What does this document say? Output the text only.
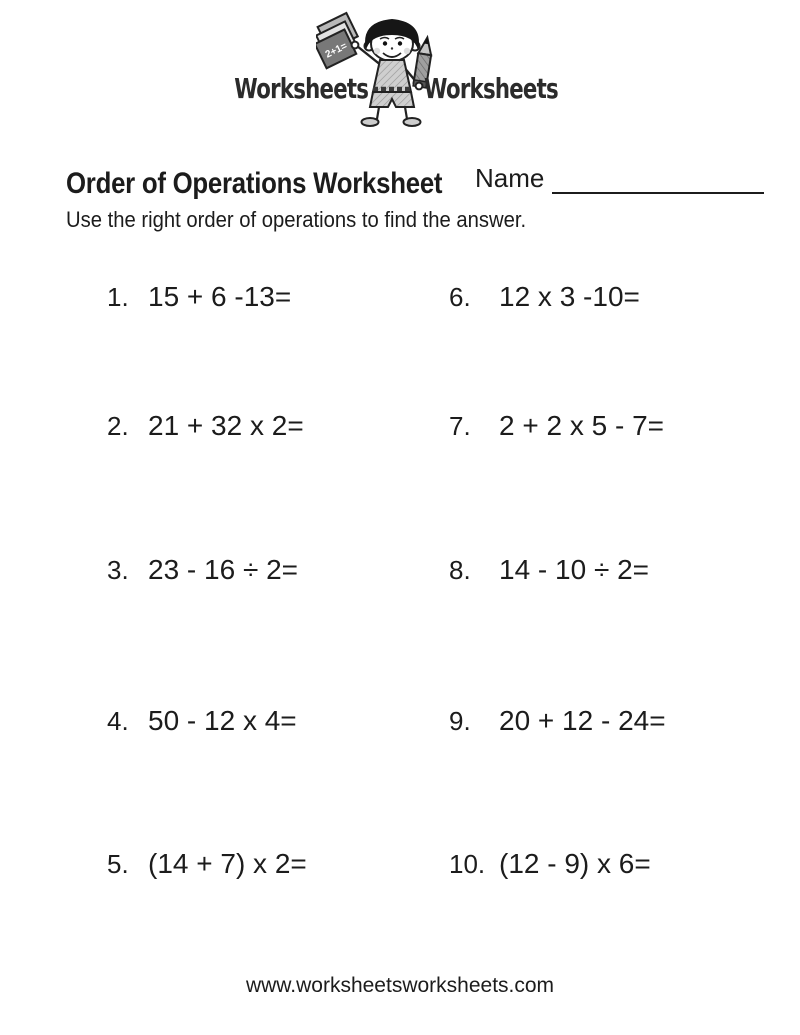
Worksheets
2+1=
Worksheets
Order of Operations Worksheet Name

Use the right order of operations to find the answer.

1. 15 + 6 -13=
2. 21 + 32 x 2=
3. 23 - 16 ÷ 2=
4. 50 - 12 x 4=
5. (14 + 7) x 2=
6.	12 x 3 -10=
7.	2 + 2 x 5 - 7=
8.	14 - 10 ÷ 2=
9.	20 + 12 - 24=
10. (12 - 9) x 6=
www.worksheetsworksheets.com
